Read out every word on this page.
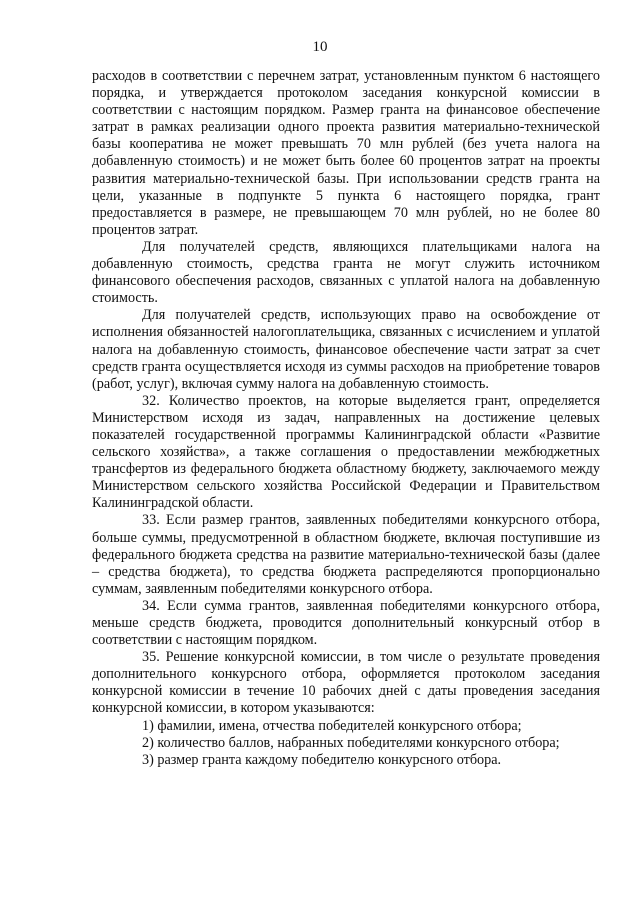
10

расходов в соответствии с перечнем затрат, установленным пунктом 6 настоящего порядка, и утверждается протоколом заседания конкурсной комиссии в соответствии с настоящим порядком. Размер гранта на финансовое обеспечение затрат в рамках реализации одного проекта развития материально-технической базы кооператива не может превышать 70 млн рублей (без учета налога на добавленную стоимость) и не может быть более 60 процентов затрат на проекты развития материально-технической базы. При использовании средств гранта на цели, указанные в подпункте 5 пункта 6 настоящего порядка, грант предоставляется в размере, не превышающем 70 млн рублей, но не более 80 процентов затрат.

Для получателей средств, являющихся плательщиками налога на добавленную стоимость, средства гранта не могут служить источником финансового обеспечения расходов, связанных с уплатой налога на добавленную стоимость.

Для получателей средств, использующих право на освобождение от исполнения обязанностей налогоплательщика, связанных с исчислением и уплатой налога на добавленную стоимость, финансовое обеспечение части затрат за счет средств гранта осуществляется исходя из суммы расходов на приобретение товаров (работ, услуг), включая сумму налога на добавленную стоимость.

32. Количество проектов, на которые выделяется грант, определяется Министерством исходя из задач, направленных на достижение целевых показателей государственной программы Калининградской области «Развитие сельского хозяйства», а также соглашения о предоставлении межбюджетных трансфертов из федерального бюджета областному бюджету, заключаемого между Министерством сельского хозяйства Российской Федерации и Правительством Калининградской области.

33. Если размер грантов, заявленных победителями конкурсного отбора, больше суммы, предусмотренной в областном бюджете, включая поступившие из федерального бюджета средства на развитие материально-технической базы (далее – средства бюджета), то средства бюджета распределяются пропорционально суммам, заявленным победителями конкурсного отбора.

34. Если сумма грантов, заявленная победителями конкурсного отбора, меньше средств бюджета, проводится дополнительный конкурсный отбор в соответствии с настоящим порядком.

35. Решение конкурсной комиссии, в том числе о результате проведения дополнительного конкурсного отбора, оформляется протоколом заседания конкурсной комиссии в течение 10 рабочих дней с даты проведения заседания конкурсной комиссии, в котором указываются:

1) фамилии, имена, отчества победителей конкурсного отбора;

2) количество баллов, набранных победителями конкурсного отбора;

3) размер гранта каждому победителю конкурсного отбора.
